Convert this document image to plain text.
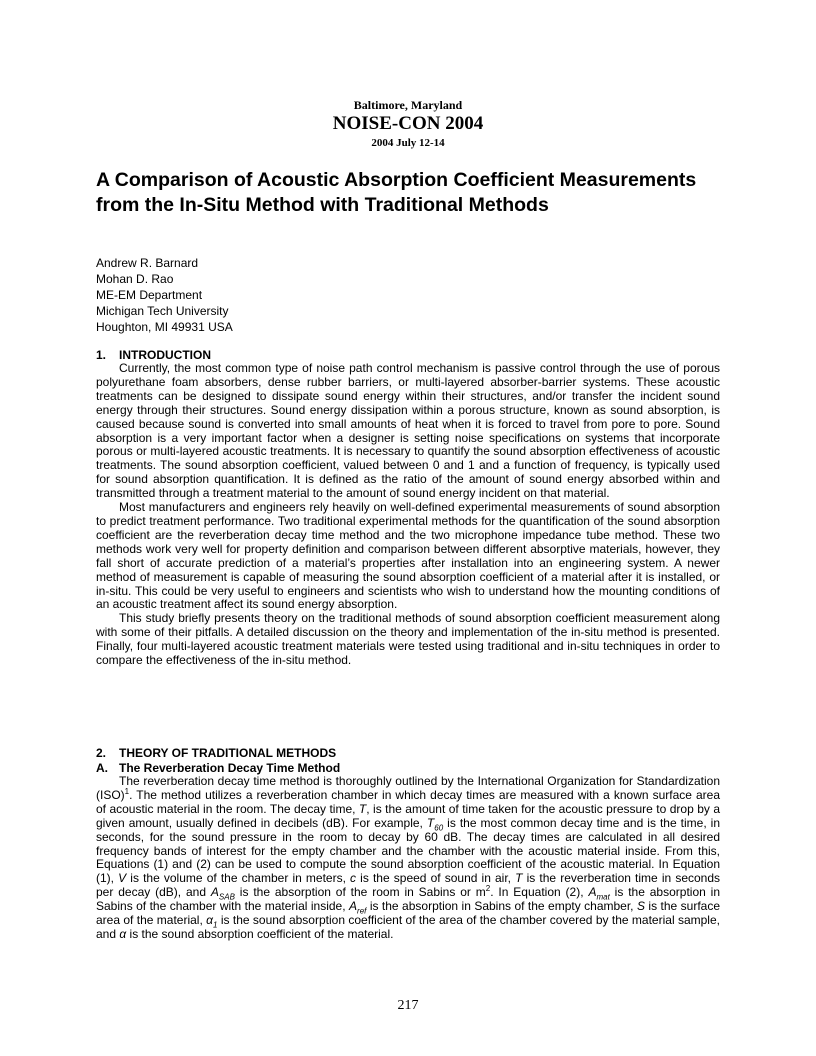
Baltimore, Maryland
NOISE-CON 2004
2004 July 12-14
A Comparison of Acoustic Absorption Coefficient Measurements from the In-Situ Method with Traditional Methods
Andrew R. Barnard
Mohan D. Rao
ME-EM Department
Michigan Tech University
Houghton, MI 49931 USA
1. INTRODUCTION

Currently, the most common type of noise path control mechanism is passive control through the use of porous polyurethane foam absorbers, dense rubber barriers, or multi-layered absorber-barrier systems. These acoustic treatments can be designed to dissipate sound energy within their structures, and/or transfer the incident sound energy through their structures. Sound energy dissipation within a porous structure, known as sound absorption, is caused because sound is converted into small amounts of heat when it is forced to travel from pore to pore. Sound absorption is a very important factor when a designer is setting noise specifications on systems that incorporate porous or multi-layered acoustic treatments. It is necessary to quantify the sound absorption effectiveness of acoustic treatments. The sound absorption coefficient, valued between 0 and 1 and a function of frequency, is typically used for sound absorption quantification. It is defined as the ratio of the amount of sound energy absorbed within and transmitted through a treatment material to the amount of sound energy incident on that material.

Most manufacturers and engineers rely heavily on well-defined experimental measurements of sound absorption to predict treatment performance. Two traditional experimental methods for the quantification of the sound absorption coefficient are the reverberation decay time method and the two microphone impedance tube method. These two methods work very well for property definition and comparison between different absorptive materials, however, they fall short of accurate prediction of a material’s properties after installation into an engineering system. A newer method of measurement is capable of measuring the sound absorption coefficient of a material after it is installed, or in-situ. This could be very useful to engineers and scientists who wish to understand how the mounting conditions of an acoustic treatment affect its sound energy absorption.

This study briefly presents theory on the traditional methods of sound absorption coefficient measurement along with some of their pitfalls. A detailed discussion on the theory and implementation of the in-situ method is presented. Finally, four multi-layered acoustic treatment materials were tested using traditional and in-situ techniques in order to compare the effectiveness of the in-situ method.

2. THEORY OF TRADITIONAL METHODS
A. The Reverberation Decay Time Method

The reverberation decay time method is thoroughly outlined by the International Organization for Standardization (ISO)$^1$. The method utilizes a reverberation chamber in which decay times are measured with a known surface area of acoustic material in the room. The decay time, T, is the amount of time taken for the acoustic pressure to drop by a given amount, usually defined in decibels (dB). For example, $T_{60}$ is the most common decay time and is the time, in seconds, for the sound pressure in the room to decay by 60 dB. The decay times are calculated in all desired frequency bands of interest for the empty chamber and the chamber with the acoustic material inside. From this, Equations (1) and (2) can be used to compute the sound absorption coefficient of the acoustic material. In Equation (1), V is the volume of the chamber in meters, c is the speed of sound in air, T is the reverberation time in seconds per decay (dB), and $A_{SAB}$ is the absorption of the room in Sabins or $m^2$. In Equation (2), $A_{mat}$ is the absorption in Sabins of the chamber with the material inside, $A_{ref}$ is the absorption in Sabins of the empty chamber, S is the surface area of the material, $\alpha_1$ is the sound absorption coefficient of the area of the chamber covered by the material sample, and α is the sound absorption coefficient of the material.

217
